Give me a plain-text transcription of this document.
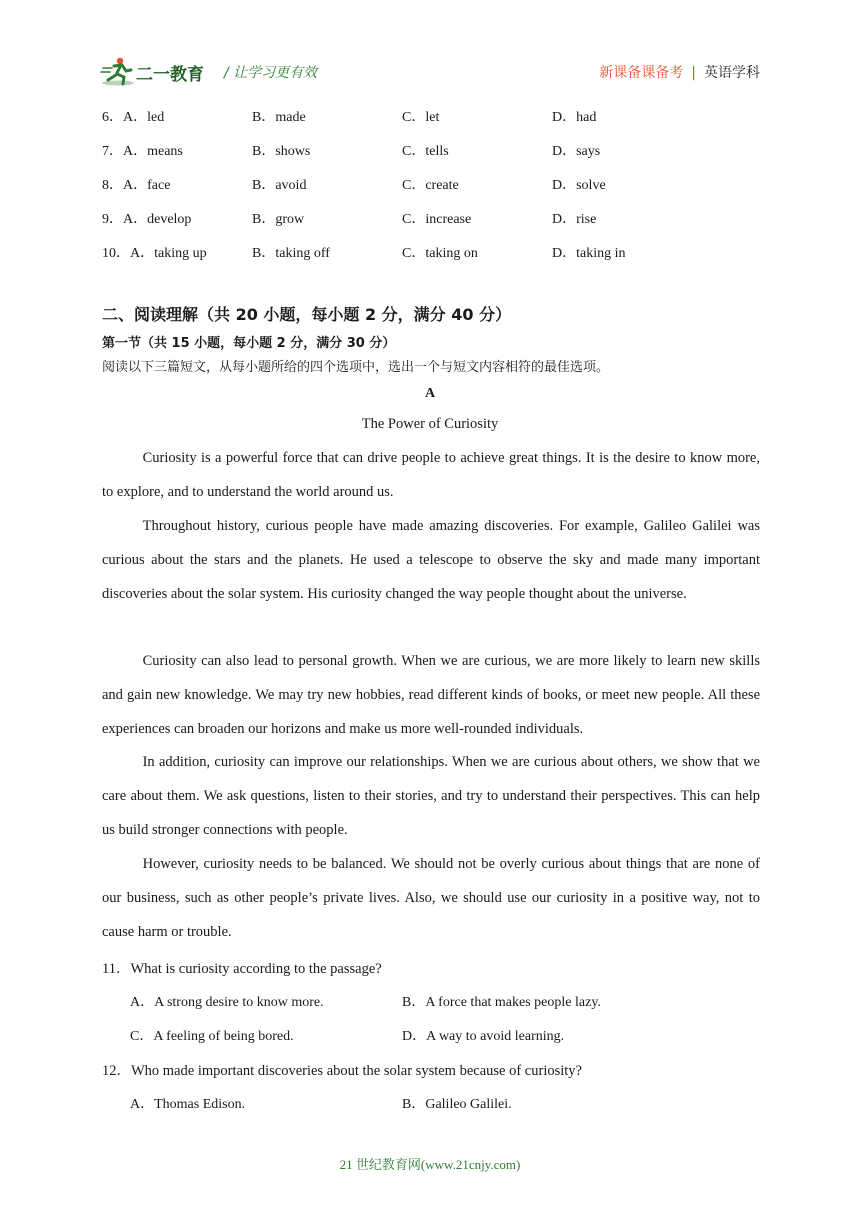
二一教育 / 让学习更有效	新课备课备考 | 英语学科
6．A．led	B．made	C．let	D．had
7．A．means	B．shows	C．tells	D．says
8．A．face	B．avoid	C．create	D．solve
9．A．develop	B．grow	C．increase	D．rise
10．A．taking up	B．taking off	C．taking on	D．taking in
二、阅读理解（共 20 小题，每小题 2 分，满分 40 分）
第一节（共 15 小题，每小题 2 分，满分 30 分）
阅读以下三篇短文，从每小题所给的四个选项中，选出一个与短文内容相符的最佳选项。
A
The Power of Curiosity

Curiosity is a powerful force that can drive people to achieve great things. It is the desire to know more, to explore, and to understand the world around us.

Throughout history, curious people have made amazing discoveries. For example, Galileo Galilei was curious about the stars and the planets. He used a telescope to observe the sky and made many important discoveries about the solar system. His curiosity changed the way people thought about the universe.

Curiosity can also lead to personal growth. When we are curious, we are more likely to learn new skills and gain new knowledge. We may try new hobbies, read different kinds of books, or meet new people. All these experiences can broaden our horizons and make us more well-rounded individuals.

In addition, curiosity can improve our relationships. When we are curious about others, we show that we care about them. We ask questions, listen to their stories, and try to understand their perspectives. This can help us build stronger connections with people.

However, curiosity needs to be balanced. We should not be overly curious about things that are none of our business, such as other people’s private lives. Also, we should use our curiosity in a positive way, not to cause harm or trouble.

11．What is curiosity according to the passage?
A．A strong desire to know more.	B．A force that makes people lazy.
C．A feeling of being bored.	D．A way to avoid learning.
12．Who made important discoveries about the solar system because of curiosity?
A．Thomas Edison.	B．Galileo Galilei.
21 世纪教育网(www.21cnjy.com)
